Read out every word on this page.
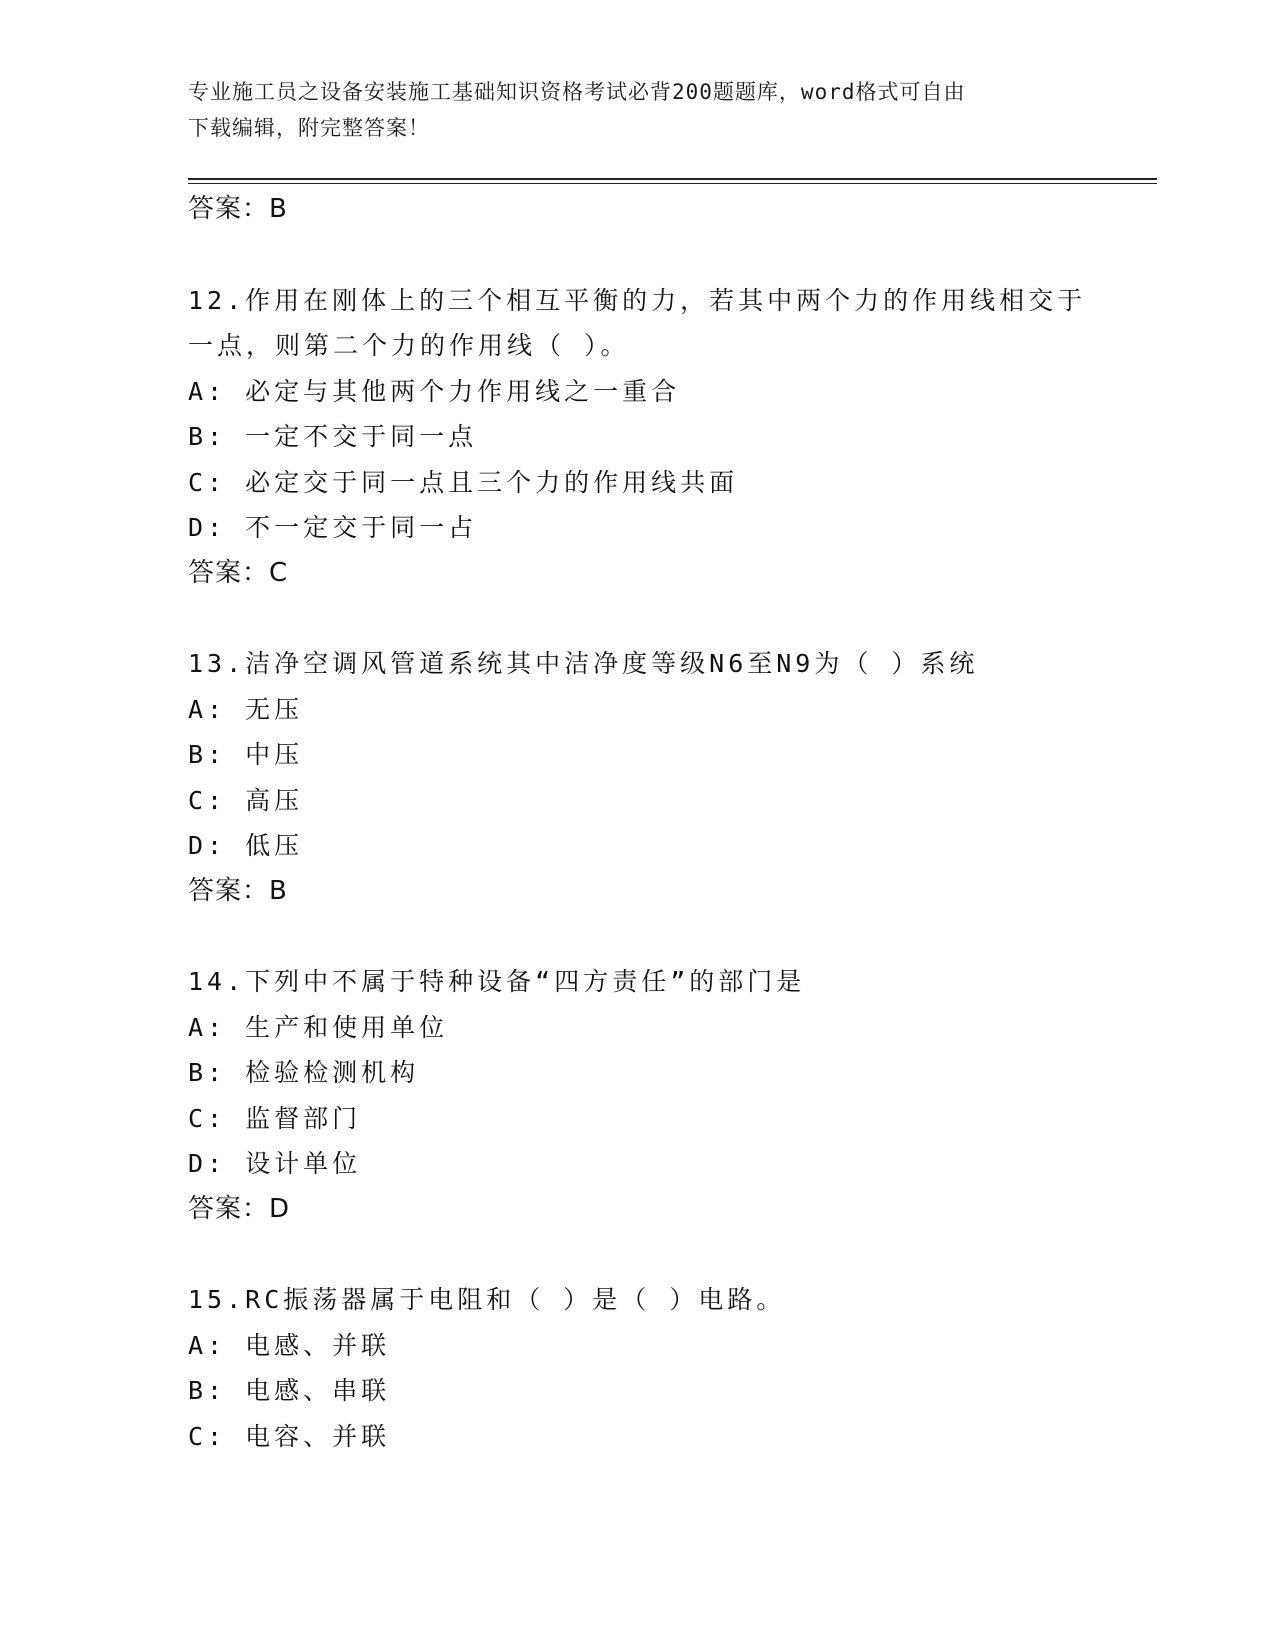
专业施工员之设备安装施工基础知识资格考试必背200题题库，word格式可自由
下载编辑，附完整答案！
答案：B
12.作用在刚体上的三个相互平衡的力，若其中两个力的作用线相交于
一点，则第二个力的作用线（ ）。
A: 必定与其他两个力作用线之一重合
B: 一定不交于同一点
C: 必定交于同一点且三个力的作用线共面
D: 不一定交于同一占
答案：C
13.洁净空调风管道系统其中洁净度等级N6至N9为（ ）系统
A: 无压
B: 中压
C: 高压
D: 低压
答案：B
14.下列中不属于特种设备“四方责任”的部门是
A: 生产和使用单位
B: 检验检测机构
C: 监督部门
D: 设计单位
答案：D
15.RC振荡器属于电阻和（ ）是（ ）电路。
A: 电感、并联
B: 电感、串联
C: 电容、并联
